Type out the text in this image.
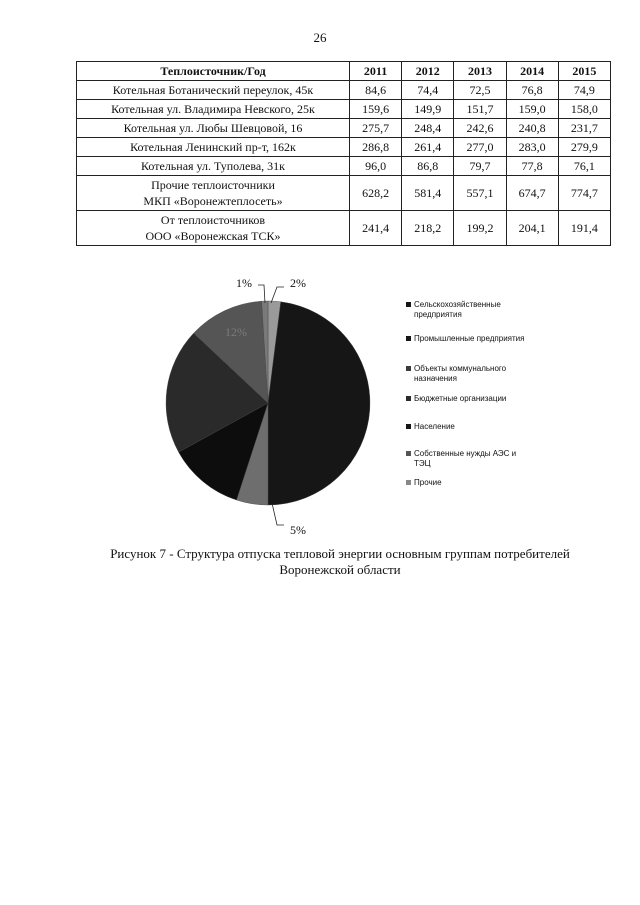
26
Теплоисточник/Год	2011	2012	2013	2014	2015
Котельная Ботанический переулок, 45к	84,6	74,4	72,5	76,8	74,9
Котельная ул. Владимира Невского, 25к	159,6	149,9	151,7	159,0	158,0
Котельная ул. Любы Шевцовой, 16	275,7	248,4	242,6	240,8	231,7
Котельная Ленинский пр-т, 162к	286,8	261,4	277,0	283,0	279,9
Котельная ул. Туполева, 31к	96,0	86,8	79,7	77,8	76,1
Прочие теплоисточники
МКП «Воронежтеплосеть»	628,2	581,4	557,1	674,7	774,7
От теплоисточников
ООО «Воронежская ТСК»	241,4	218,2	199,2	204,1	191,4
2%
5%
12%
1%
Сельскохозяйственные
предприятия
Промышленные предприятия
Объекты коммунального
назначения
Бюджетные организации
Население
Собственные нужды АЭС и
ТЭЦ
Прочие
Рисунок 7 - Структура отпуска тепловой энергии основным группам потребителей
Воронежской области
